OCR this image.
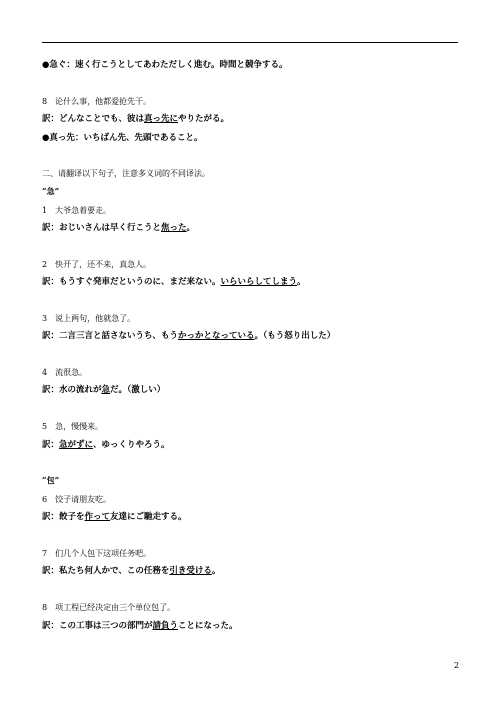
●急ぐ：速く行こうとしてあわただしく進む。時間と競争する。
8　论什么事，他都爱抢先干。
訳：どんなことでも、彼は真っ先にやりたがる。
●真っ先：いちばん先、先頭であること。
二、请翻译以下句子，注意多义词的不同译法。
“急”
1　大爷急着要走。
訳：おじいさんは早く行こうと焦った。
2　快开了，还不来，真急人。
訳：もうすぐ発車だというのに、まだ来ない。いらいらしてしまう。
3　说上两句，他就急了。
訳：二言三言と話さないうち、もうかっかとなっている。（もう怒り出した）
4　流很急。
訳：水の流れが急だ。（激しい）
5　急，慢慢来。
訳：急がずに、ゆっくりやろう。
“包”
6　饺子请朋友吃。
訳：餃子を作って友達にご馳走する。
7　们几个人包下这项任务吧。
訳：私たち何人かで、この任務を引き受ける。
8　项工程已经决定由三个单位包了。
訳：この工事は三つの部門が請負うことになった。
2
